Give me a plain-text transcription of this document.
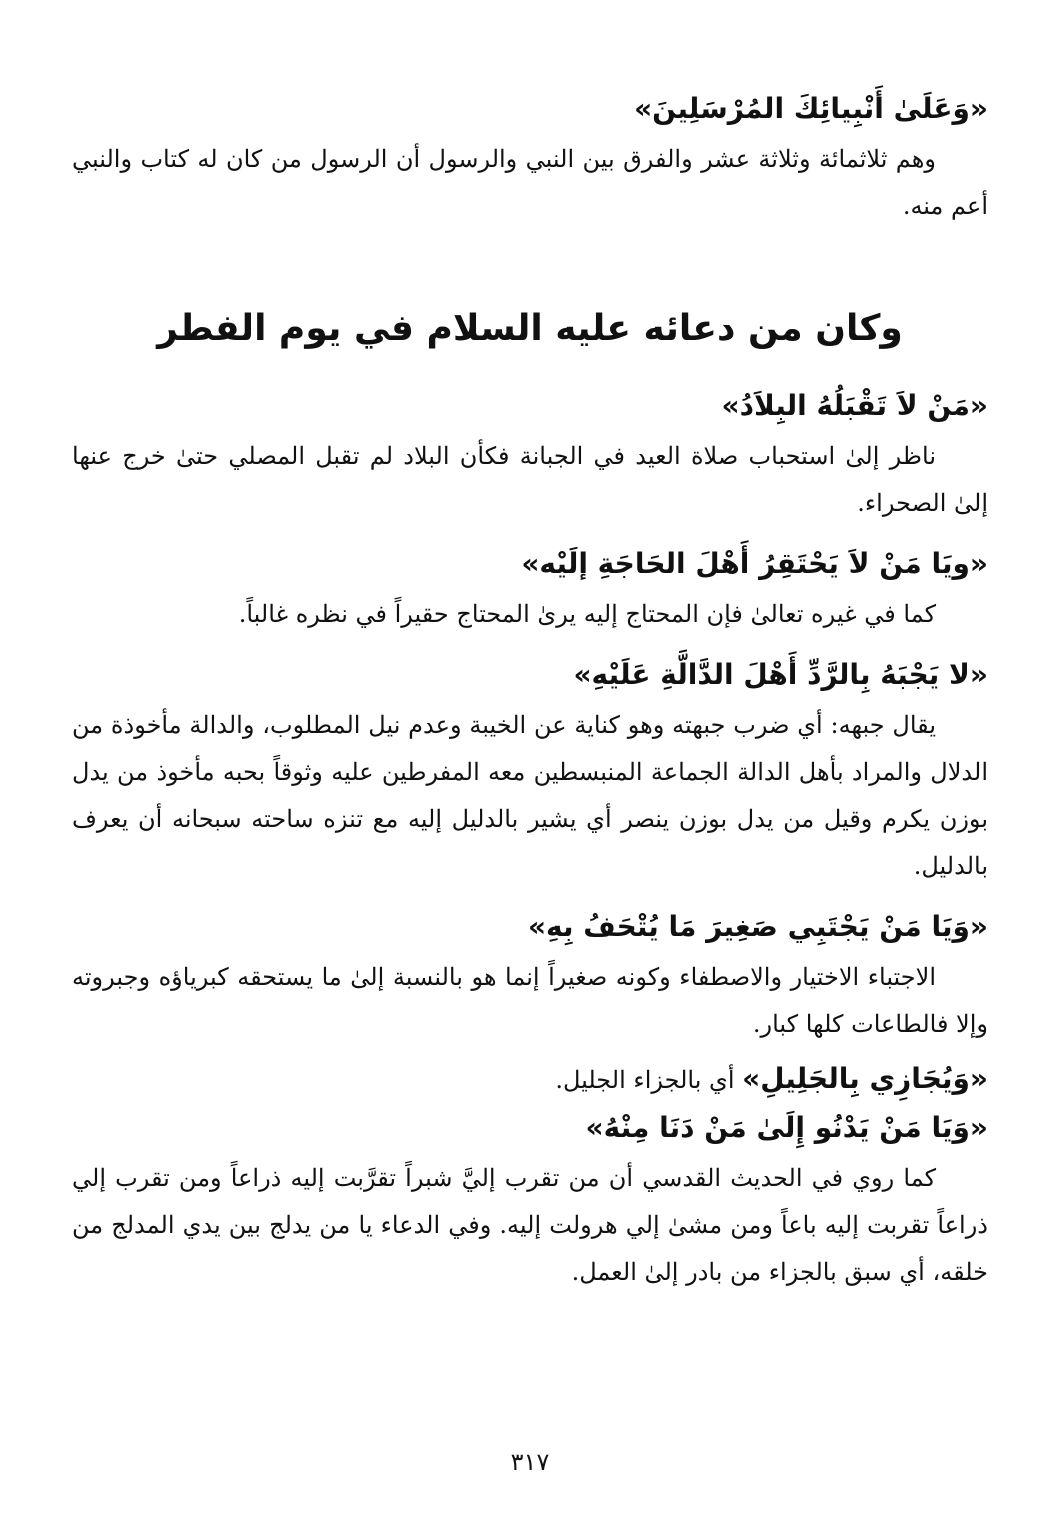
«وَعَلَىٰ أَنْبِيائِكَ المُرْسَلِينَ»

وهم ثلاثمائة وثلاثة عشر والفرق بين النبي والرسول أن الرسول من كان له كتاب والنبي أعم منه.

وكان من دعائه عليه السلام في يوم الفطر
«مَنْ لاَ تَقْبَلُهُ البِلاَدُ»

ناظر إلىٰ استحباب صلاة العيد في الجبانة فكأن البلاد لم تقبل المصلي حتىٰ خرج عنها إلىٰ الصحراء.

«ويَا مَنْ لاَ يَحْتَقِرُ أَهْلَ الحَاجَةِ إلَيْه»

كما في غيره تعالىٰ فإن المحتاج إليه يرىٰ المحتاج حقيراً في نظره غالباً.

«لا يَجْبَهُ بِالرَّدِّ أَهْلَ الدَّالَّةِ عَلَيْهِ»

يقال جبهه: أي ضرب جبهته وهو كناية عن الخيبة وعدم نيل المطلوب، والدالة مأخوذة من الدلال والمراد بأهل الدالة الجماعة المنبسطين معه المفرطين عليه وثوقاً بحبه مأخوذ من يدل بوزن يكرم وقيل من يدل بوزن ينصر أي يشير بالدليل إليه مع تنزه ساحته سبحانه أن يعرف بالدليل.

«وَيَا مَنْ يَجْتَبِي صَغِيرَ مَا يُتْحَفُ بِهِ»

الاجتباء الاختيار والاصطفاء وكونه صغيراً إنما هو بالنسبة إلىٰ ما يستحقه كبرياؤه وجبروته وإلا فالطاعات كلها كبار.

«وَيُجَازِي بِالجَلِيلِ» أي بالجزاء الجليل.
«وَيَا مَنْ يَدْنُو إِلَىٰ مَنْ دَنَا مِنْهُ»

كما روي في الحديث القدسي أن من تقرب إليَّ شبراً تقرَّبت إليه ذراعاً ومن تقرب إلي ذراعاً تقربت إليه باعاً ومن مشىٰ إلي هرولت إليه. وفي الدعاء يا من يدلج بين يدي المدلج من خلقه، أي سبق بالجزاء من بادر إلىٰ العمل.

٣١٧
